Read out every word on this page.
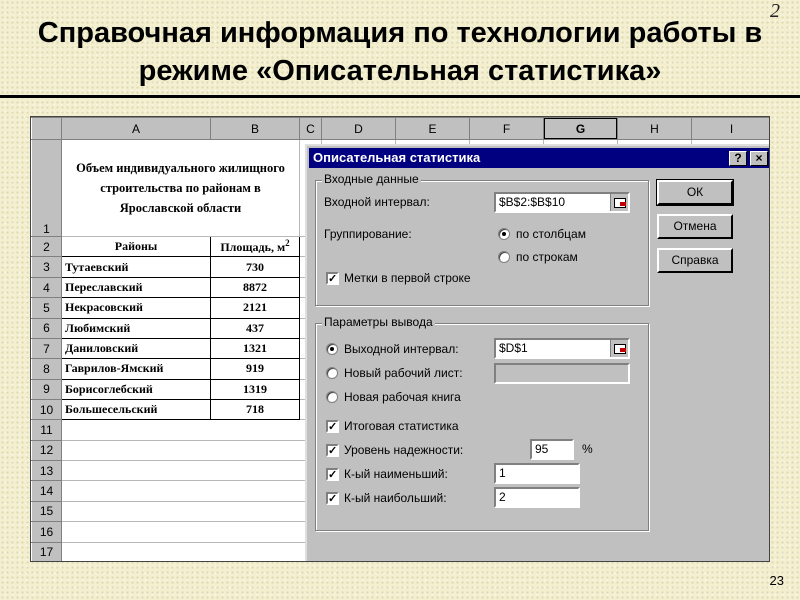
Справочная информация по технологии работы в
режиме «Описательная статистика»
2
	A	B	C	D	E	F	G	H	I
1	Объем индивидуального жилищного строительства по районам в Ярославской области								
2	Районы	Площадь, $м^2$	
3	Тутаевский	730							
4	Переславский	8872							
5	Некрасовский	2121							
6	Любимский	437							
7	Даниловский	1321							
8	Гаврилов-Ямский	919							
9	Борисоглебский	1319							
10	Большесельский	718							
11									
12									
13									
14									
15									
16									
17									
Описательная статистика	?	×
Входные данные
Входной интервал:	$B$2:$B$10
Группирование:	по столбцам
по строкам
✓ Метки в первой строке
Параметры вывода
Выходной интервал:	$D$1
Новый рабочий лист:
Новая рабочая книга
✓ Итоговая статистика
✓ Уровень надежности:	95	%
✓ К-ый наименьший:	1
✓ К-ый наибольший:	2
ОК
Отмена
Справка
23
